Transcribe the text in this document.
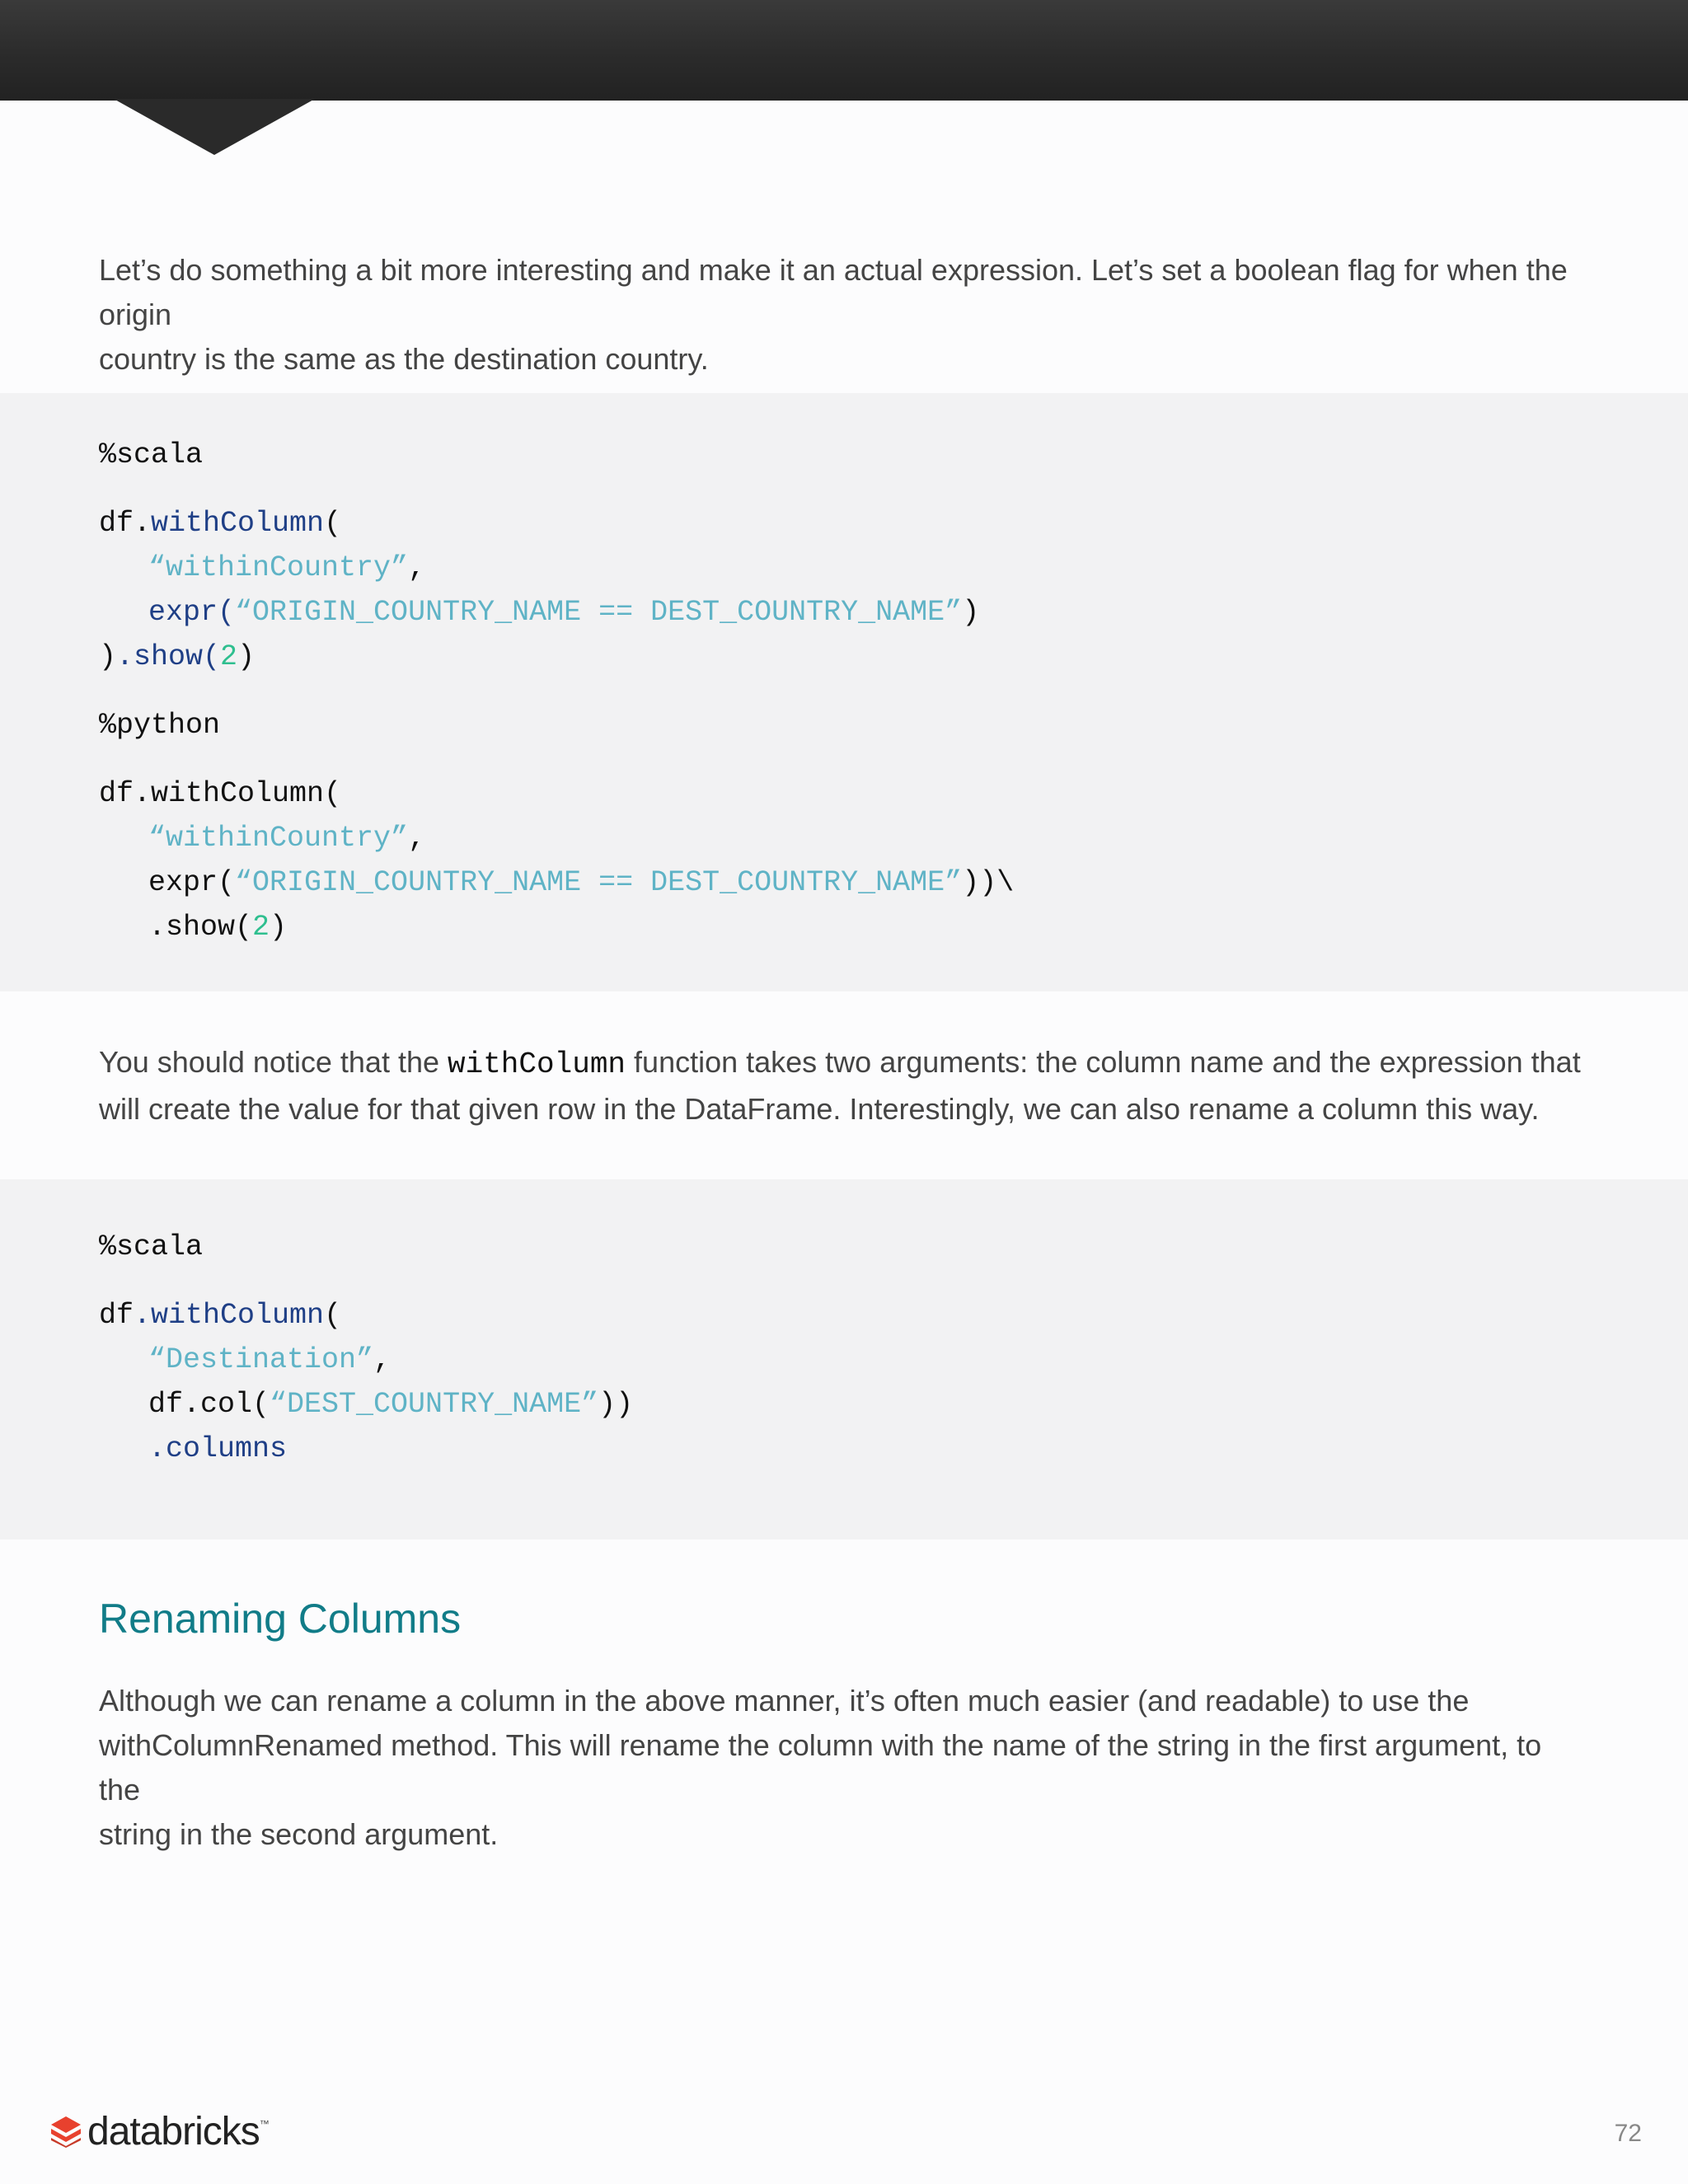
Let’s do something a bit more interesting and make it an actual expression. Let’s set a boolean flag for when the origin
country is the same as the destination country.

%scala
df.withColumn(
“withinCountry”,
expr(“ORIGIN_COUNTRY_NAME == DEST_COUNTRY_NAME”)
).show(2)
%python
df.withColumn(
“withinCountry”,
expr(“ORIGIN_COUNTRY_NAME == DEST_COUNTRY_NAME”))\
.show(2)

You should notice that the withColumn function takes two arguments: the column name and the expression that
will create the value for that given row in the DataFrame. Interestingly, we can also rename a column this way.

%scala
df.withColumn(
“Destination”,
df.col(“DEST_COUNTRY_NAME”))
.columns
Renaming Columns

Although we can rename a column in the above manner, it’s often much easier (and readable) to use the
withColumnRenamed method. This will rename the column with the name of the string in the first argument, to the
string in the second argument.

databricks ™	72
